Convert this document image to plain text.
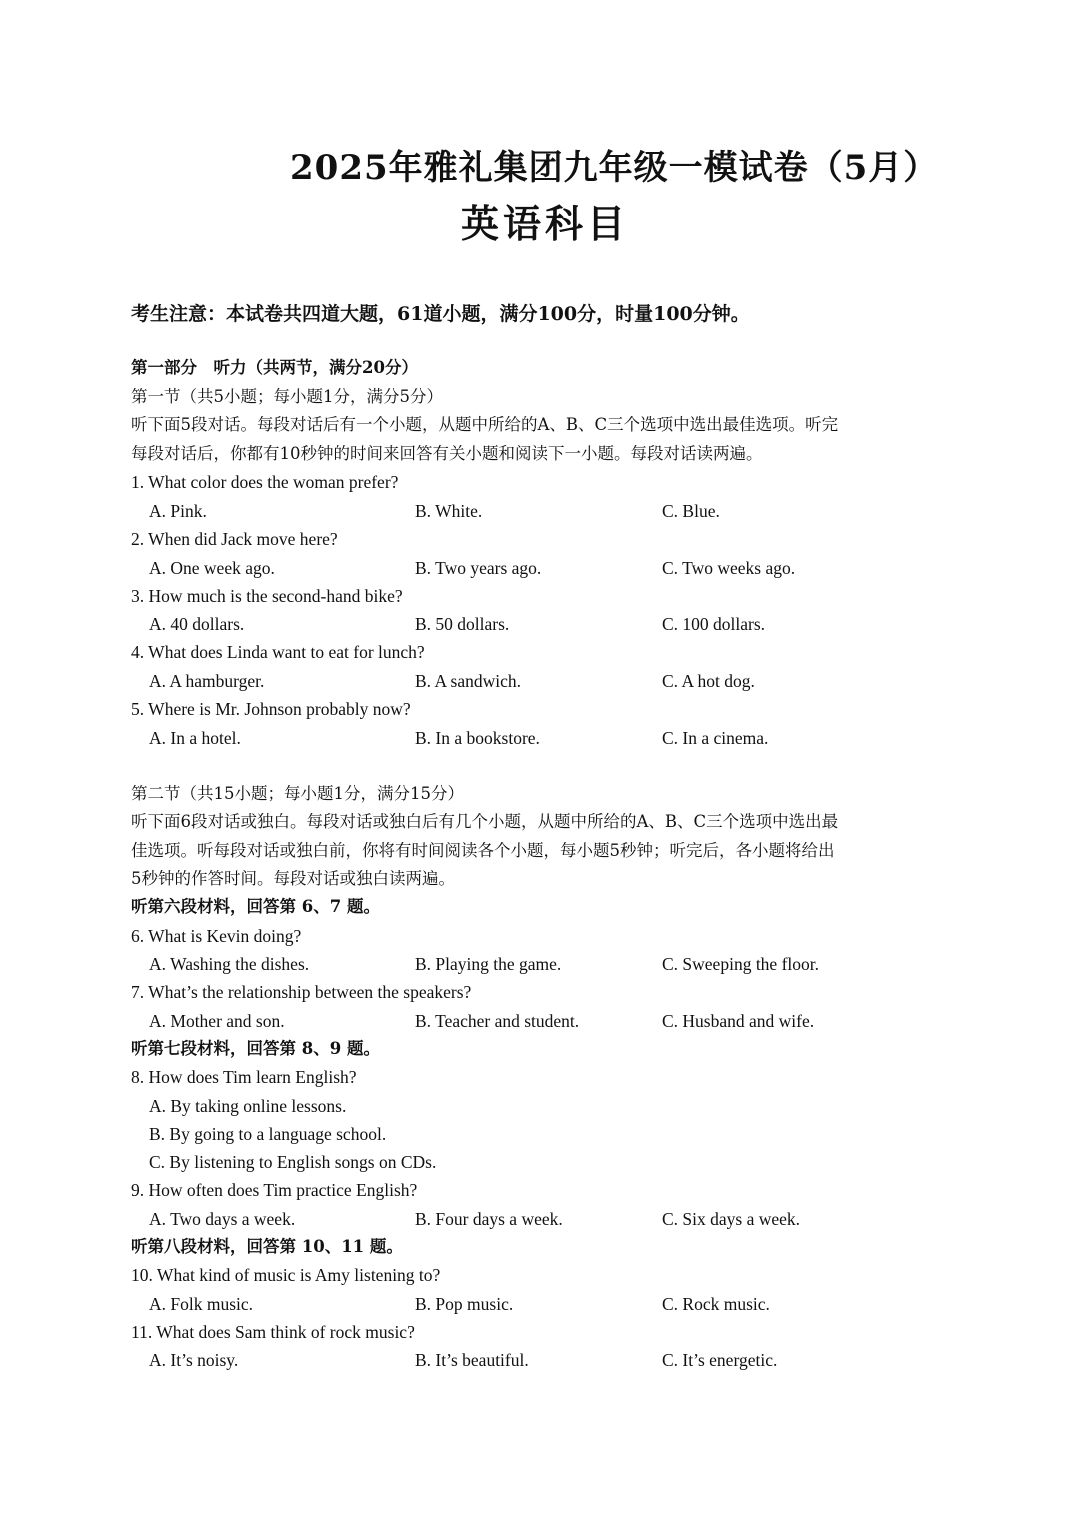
2025年雅礼集团九年级一模试卷（5月）
英语科目
考生注意：本试卷共四道大题，61道小题，满分100分，时量100分钟。
第一部分　听力（共两节，满分20分）
第一节（共5小题；每小题1分，满分5分）
听下面5段对话。每段对话后有一个小题，从题中所给的A、B、C三个选项中选出最佳选项。听完
每段对话后，你都有10秒钟的时间来回答有关小题和阅读下一小题。每段对话读两遍。
1. What color does the woman prefer?
A. Pink.	B. White.	C. Blue.
2. When did Jack move here?
A. One week ago.	B. Two years ago.	C. Two weeks ago.
3. How much is the second-hand bike?
A. 40 dollars.	B. 50 dollars.	C. 100 dollars.
4. What does Linda want to eat for lunch?
A. A hamburger.	B. A sandwich.	C. A hot dog.
5. Where is Mr. Johnson probably now?
A. In a hotel.	B. In a bookstore.	C. In a cinema.
第二节（共15小题；每小题1分，满分15分）
听下面6段对话或独白。每段对话或独白后有几个小题，从题中所给的A、B、C三个选项中选出最
佳选项。听每段对话或独白前，你将有时间阅读各个小题，每小题5秒钟；听完后，各小题将给出
5秒钟的作答时间。每段对话或独白读两遍。
听第六段材料，回答第 6、7 题。
6. What is Kevin doing?
A. Washing the dishes.	B. Playing the game.	C. Sweeping the floor.
7. What’s the relationship between the speakers?
A. Mother and son.	B. Teacher and student.	C. Husband and wife.
听第七段材料，回答第 8、9 题。
8. How does Tim learn English?
A. By taking online lessons.
B. By going to a language school.
C. By listening to English songs on CDs.
9. How often does Tim practice English?
A. Two days a week.	B. Four days a week.	C. Six days a week.
听第八段材料，回答第 10、11 题。
10. What kind of music is Amy listening to?
A. Folk music.	B. Pop music.	C. Rock music.
11. What does Sam think of rock music?
A. It’s noisy.	B. It’s beautiful.	C. It’s energetic.
